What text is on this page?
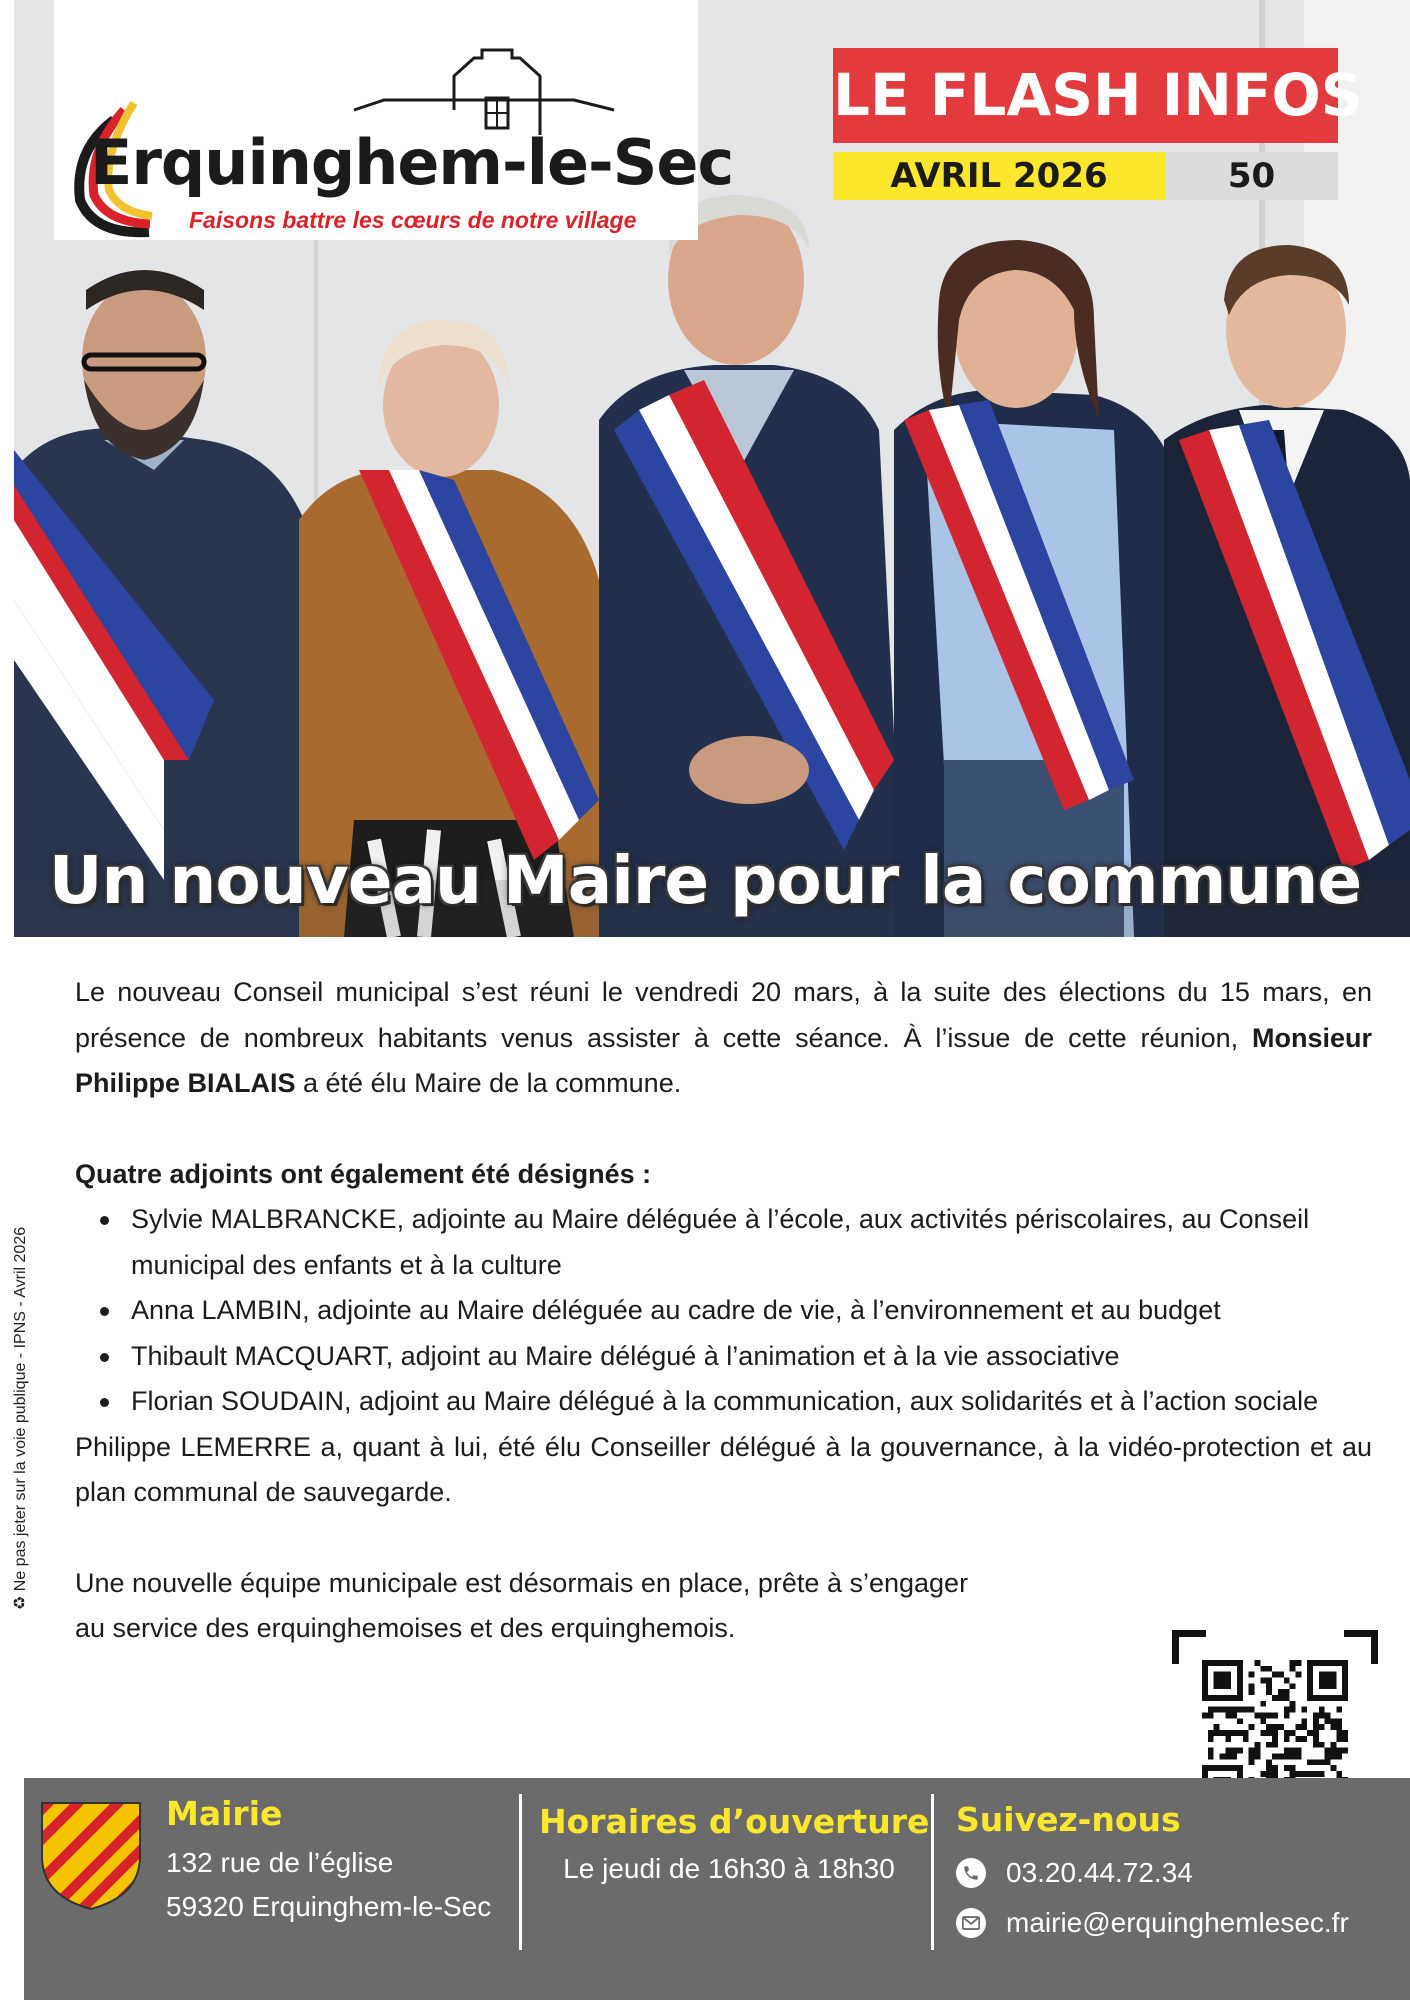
Erquinghem-le-Sec
Faisons battre les cœurs de notre village
LE FLASH INFOS
AVRIL 2026	50
Un nouveau Maire pour la commune
♻ Ne pas jeter sur la voie publique - IPNS - Avril 2026

Le nouveau Conseil municipal s’est réuni le vendredi 20 mars, à la suite des élections du 15 mars, en présence de nombreux habitants venus assister à cette séance. À l’issue de cette réunion, Monsieur Philippe BIALAIS a été élu Maire de la commune.

Quatre adjoints ont également été désignés :

Sylvie MALBRANCKE, adjointe au Maire déléguée à l’école, aux activités périscolaires, au Conseil municipal des enfants et à la culture
Anna LAMBIN, adjointe au Maire déléguée au cadre de vie, à l’environnement et au budget
Thibault MACQUART, adjoint au Maire délégué à l’animation et à la vie associative
Florian SOUDAIN, adjoint au Maire délégué à la communication, aux solidarités et à l’action sociale

Philippe LEMERRE a, quant à lui, été élu Conseiller délégué à la gouvernance, à la vidéo-protection et au plan communal de sauvegarde.

Une nouvelle équipe municipale est désormais en place, prête à s’engager

au service des erquinghemoises et des erquinghemois.

Mairie
132 rue de l’église
59320 Erquinghem-le-Sec
Horaires d’ouverture
Le jeudi de 16h30 à 18h30
Suivez-nous
03.20.44.72.34
mairie@erquinghemlesec.fr
